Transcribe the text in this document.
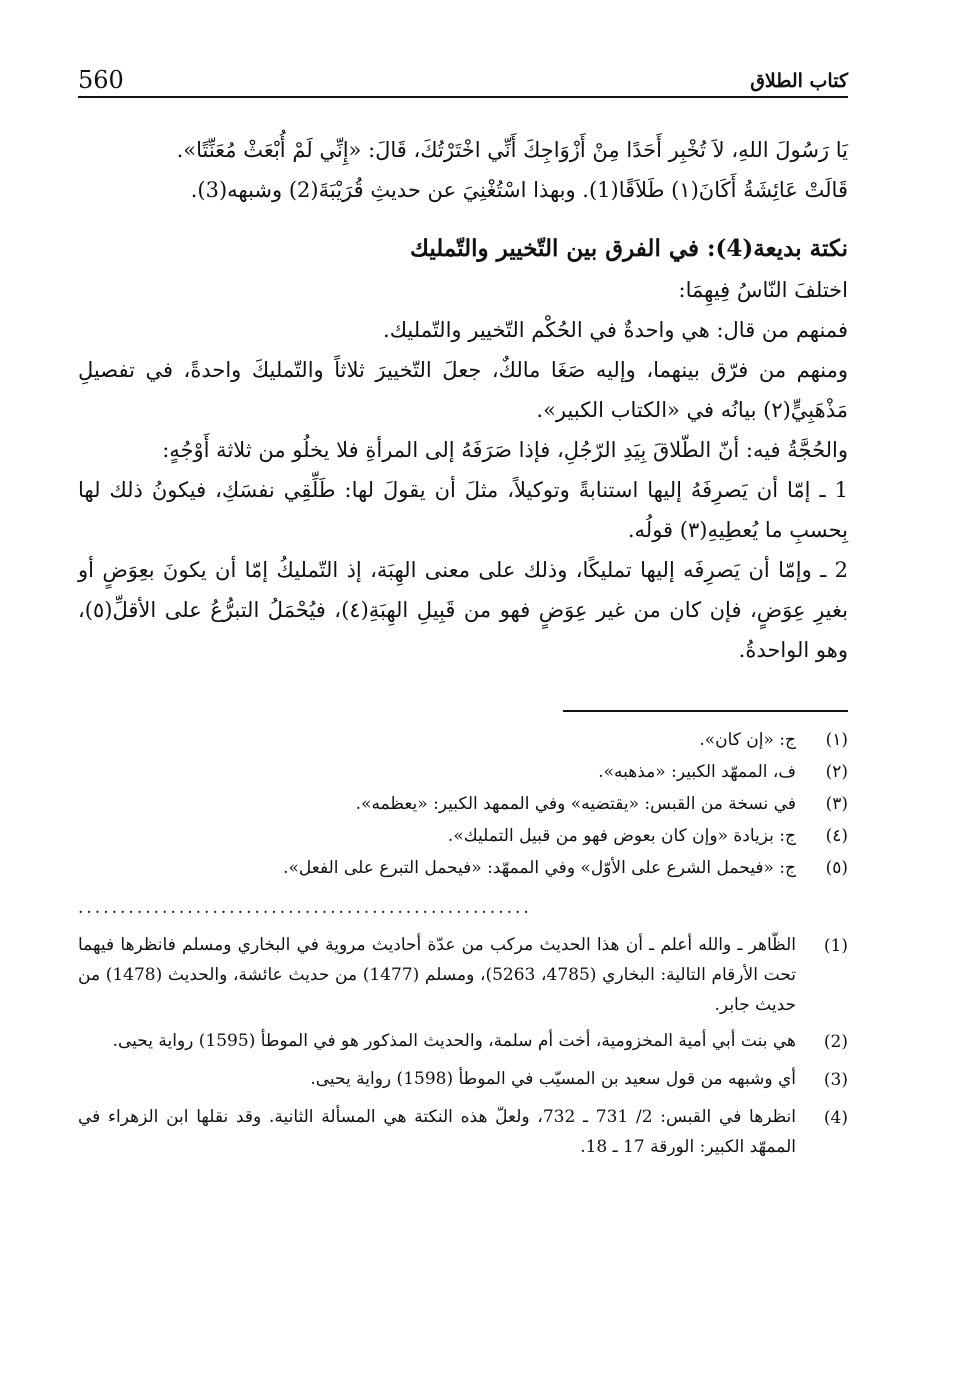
560	كتاب الطلاق

يَا رَسُولَ اللهِ، لاَ تُخْبِر أَحَدًا مِنْ أَزْوَاجِكَ أَنِّي اخْتَرْتُكَ، قَالَ: «إِنِّي لَمْ أُبْعَثْ مُعَنِّتًا».

قَالَتْ عَائِشَةُ أَكَانَ(١) طَلاَقًا(1). وبهذا اسْتُغْنِيَ عن حديثِ قُرَيْبَةَ(2) وشبهه(3).

نكتة بديعة(4): في الفرق بين التّخيير والتّمليك

اختلفَ النّاسُ فِيهِمَا:

فمنهم من قال: هي واحدةٌ في الحُكْم التّخيير والتّمليك.

ومنهم من فرّق بينهما، وإليه صَغَا مالكٌ، جعلَ التّخييرَ ثلاثاً والتّمليكَ واحدةً، في تفصيلِ مَذْهَبِيٍّ(٢) بيانُه في «الكتاب الكبير».

والحُجَّةُ فيه: أنّ الطّلاقَ بِيَدِ الرّجُلِ، فإذا صَرَفَهُ إلى المرأةِ فلا يخلُو من ثلاثة أَوْجُهٍ:

1 ـ إمّا أن يَصرِفَهُ إليها استنابةً وتوكيلاً، مثلَ أن يقولَ لها: طَلِّقِي نفسَكِ، فيكونُ ذلك لها بِحسبِ ما يُعطِيهِ(٣) قولُه.

2 ـ وإمّا أن يَصرِفَه إليها تمليكًا، وذلك على معنى الهِبَة، إذ التّمليكُ إمّا أن يكونَ بعِوَضٍ أو بغيرِ عِوَضٍ، فإن كان من غير عِوَضٍ فهو من قَبِيلِ الهِبَةِ(٤)، فيُحْمَلُ التبرُّعُ على الأقلِّ(٥)، وهو الواحدةُ.

(١)
ج: «إن كان».
(٢)
ف، الممهّد الكبير: «مذهبه».
(٣)
في نسخة من القبس: «يقتضيه» وفي الممهد الكبير: «يعظمه».
(٤)
ج: بزيادة «وإن كان بعوض فهو من قبيل التمليك».
(٥)
ج: «فيحمل الشرع على الأوّل» وفي الممهّد: «فيحمل التبرع على الفعل».
......................................................
(1)
الظّاهر ـ والله أعلم ـ أن هذا الحديث مركب من عدّة أحاديث مروية في البخاري ومسلم فانظرها فيهما تحت الأرقام التالية: البخاري (4785، 5263)، ومسلم (1477) من حديث عائشة، والحديث (1478) من حديث جابر.
(2)
هي بنت أبي أمية المخزومية، أخت أم سلمة، والحديث المذكور هو في الموطأ (1595) رواية يحيى.
(3)
أي وشبهه من قول سعيد بن المسيّب في الموطأ (1598) رواية يحيى.
(4)
انظرها في القبس: 2/ 731 ـ 732، ولعلّ هذه النكتة هي المسألة الثانية. وقد نقلها ابن الزهراء في الممهّد الكبير: الورقة 17 ـ 18.
